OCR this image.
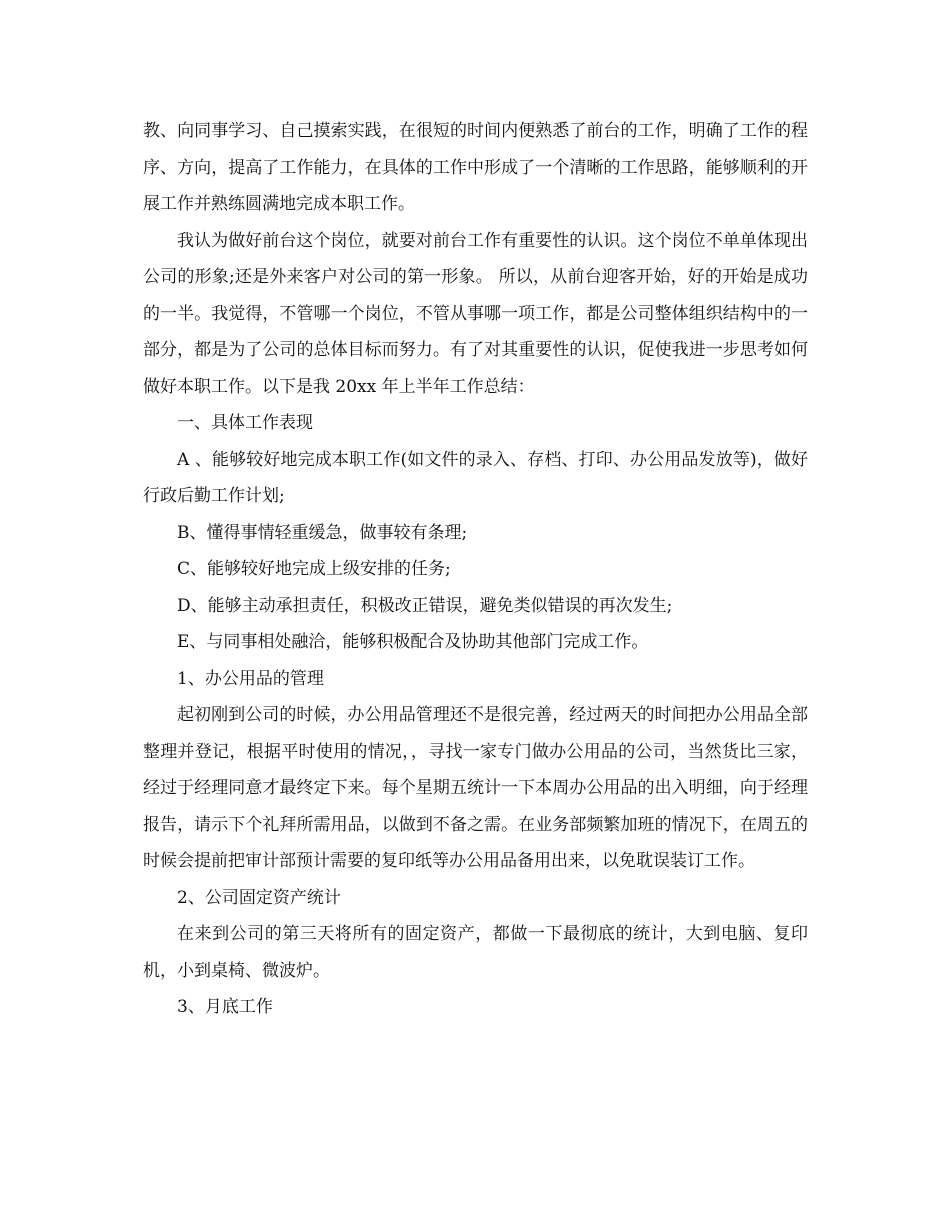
教、向同事学习、自己摸索实践，在很短的时间内便熟悉了前台的工作，明确了工作的程序、方向，提高了工作能力，在具体的工作中形成了一个清晰的工作思路，能够顺利的开展工作并熟练圆满地完成本职工作。

我认为做好前台这个岗位，就要对前台工作有重要性的认识。这个岗位不单单体现出公司的形象;还是外来客户对公司的第一形象。 所以，从前台迎客开始，好的开始是成功的一半。我觉得，不管哪一个岗位，不管从事哪一项工作，都是公司整体组织结构中的一部分，都是为了公司的总体目标而努力。有了对其重要性的认识，促使我进一步思考如何做好本职工作。以下是我 20xx 年上半年工作总结：

一、具体工作表现

A 、能够较好地完成本职工作(如文件的录入、存档、打印、办公用品发放等)，做好行政后勤工作计划;

B、懂得事情轻重缓急，做事较有条理;

C、能够较好地完成上级安排的任务;

D、能够主动承担责任，积极改正错误，避免类似错误的再次发生;

E、与同事相处融洽，能够积极配合及协助其他部门完成工作。

1、办公用品的管理

起初刚到公司的时候，办公用品管理还不是很完善，经过两天的时间把办公用品全部整理并登记，根据平时使用的情况，，寻找一家专门做办公用品的公司，当然货比三家，经过于经理同意才最终定下来。每个星期五统计一下本周办公用品的出入明细，向于经理报告，请示下个礼拜所需用品，以做到不备之需。在业务部频繁加班的情况下，在周五的时候会提前把审计部预计需要的复印纸等办公用品备用出来，以免耽误装订工作。

2、公司固定资产统计

在来到公司的第三天将所有的固定资产，都做一下最彻底的统计，大到电脑、复印机，小到桌椅、微波炉。

3、月底工作
